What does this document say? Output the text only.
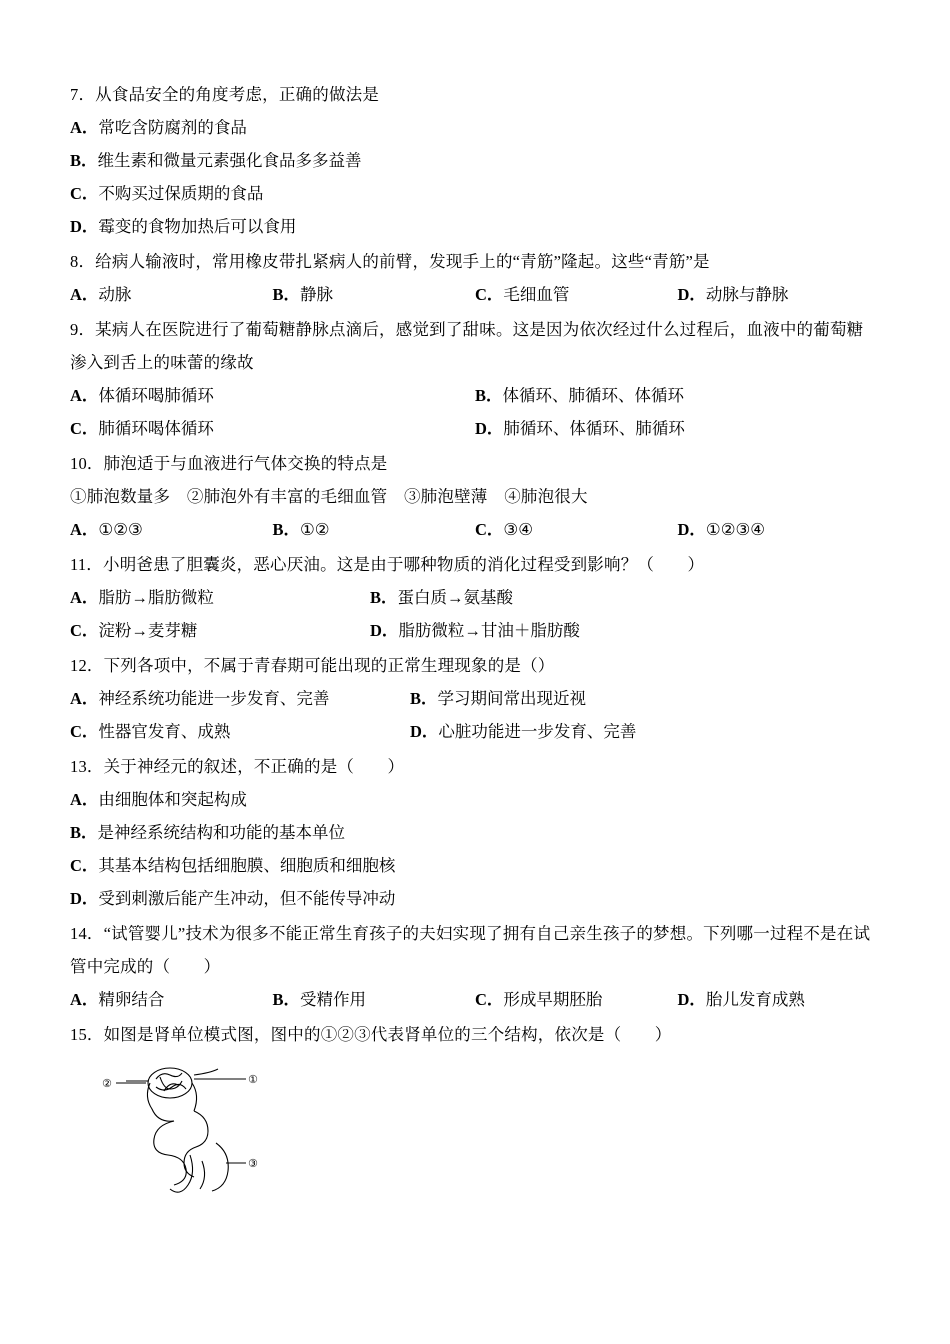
7．从食品安全的角度考虑，正确的做法是
A．常吃含防腐剂的食品
B．维生素和微量元素强化食品多多益善
C．不购买过保质期的食品
D．霉变的食物加热后可以食用
8．给病人输液时，常用橡皮带扎紧病人的前臂，发现手上的“青筋”隆起。这些“青筋”是
A．动脉	B．静脉	C．毛细血管	D．动脉与静脉
9．某病人在医院进行了葡萄糖静脉点滴后，感觉到了甜味。这是因为依次经过什么过程后，血液中的葡萄糖渗入到舌上的味蕾的缘故
A．体循环喝肺循环	B．体循环、肺循环、体循环
C．肺循环喝体循环	D．肺循环、体循环、肺循环
10．肺泡适于与血液进行气体交换的特点是
①肺泡数量多　②肺泡外有丰富的毛细血管　③肺泡壁薄　④肺泡很大
A．①②③	B．①②	C．③④	D．①②③④
11．小明爸患了胆囊炎，恶心厌油。这是由于哪种物质的消化过程受到影响？（　　）
A．脂肪→脂肪微粒	B．蛋白质→氨基酸
C．淀粉→麦芽糖	D．脂肪微粒→甘油＋脂肪酸
12．下列各项中，不属于青春期可能出现的正常生理现象的是（）
A．神经系统功能进一步发育、完善	B．学习期间常出现近视
C．性器官发育、成熟	D．心脏功能进一步发育、完善
13．关于神经元的叙述，不正确的是（　　）
A．由细胞体和突起构成
B．是神经系统结构和功能的基本单位
C．其基本结构包括细胞膜、细胞质和细胞核
D．受到刺激后能产生冲动，但不能传导冲动
14．“试管婴儿”技术为很多不能正常生育孩子的夫妇实现了拥有自己亲生孩子的梦想。下列哪一过程不是在试管中完成的（　　）
A．精卵结合	B．受精作用	C．形成早期胚胎	D．胎儿发育成熟
15．如图是肾单位模式图，图中的①②③代表肾单位的三个结构，依次是（　　）
①
②
③
